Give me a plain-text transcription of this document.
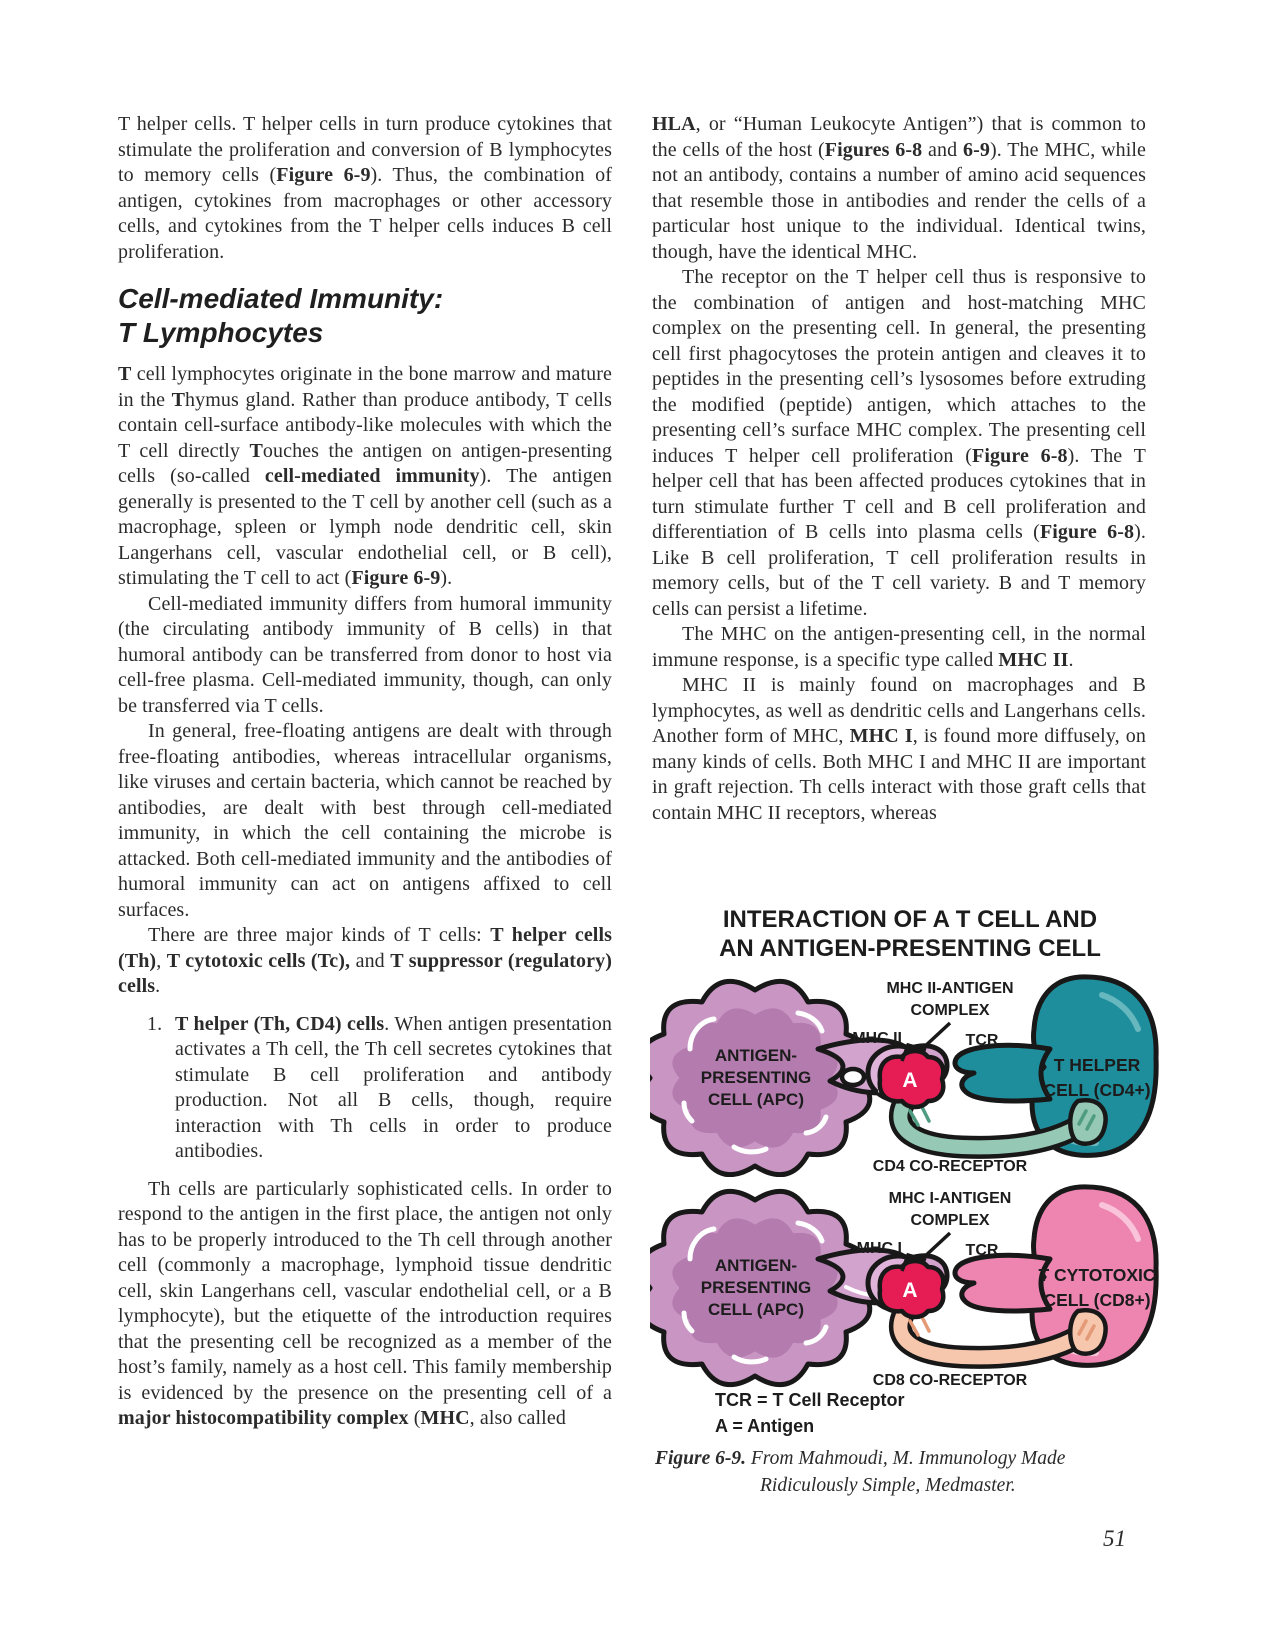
T helper cells. T helper cells in turn produce cytokines that stimulate the proliferation and conversion of B lymphocytes to memory cells (Figure 6-9). Thus, the combination of antigen, cytokines from macrophages or other accessory cells, and cytokines from the T helper cells induces B cell proliferation.

Cell-mediated Immunity:
T Lymphocytes

T cell lymphocytes originate in the bone marrow and mature in the Thymus gland. Rather than produce antibody, T cells contain cell-surface antibody-like molecules with which the T cell directly Touches the antigen on antigen-presenting cells (so-called cell-mediated immunity). The antigen generally is presented to the T cell by another cell (such as a macrophage, spleen or lymph node dendritic cell, skin Langerhans cell, vascular endothelial cell, or B cell), stimulating the T cell to act (Figure 6-9).

Cell-mediated immunity differs from humoral immunity (the circulating antibody immunity of B cells) in that humoral antibody can be transferred from donor to host via cell-free plasma. Cell-mediated immunity, though, can only be transferred via T cells.

In general, free-floating antigens are dealt with through free-floating antibodies, whereas intracellular organisms, like viruses and certain bacteria, which cannot be reached by antibodies, are dealt with best through cell-mediated immunity, in which the cell containing the microbe is attacked. Both cell-mediated immunity and the antibodies of humoral immunity can act on antigens affixed to cell surfaces.

There are three major kinds of T cells: T helper cells (Th), T cytotoxic cells (Tc), and T suppressor (regulatory) cells.

1. T helper (Th, CD4) cells. When antigen presentation activates a Th cell, the Th cell secretes cytokines that stimulate B cell proliferation and antibody production. Not all B cells, though, require interaction with Th cells in order to produce antibodies.

Th cells are particularly sophisticated cells. In order to respond to the antigen in the first place, the antigen not only has to be properly introduced to the Th cell through another cell (commonly a macrophage, lymphoid tissue dendritic cell, skin Langerhans cell, vascular endothelial cell, or a B lymphocyte), but the etiquette of the introduction requires that the presenting cell be recognized as a member of the host’s family, namely as a host cell. This family membership is evidenced by the presence on the presenting cell of a major histocompatibility complex (MHC, also called

HLA, or “Human Leukocyte Antigen”) that is common to the cells of the host (Figures 6-8 and 6-9). The MHC, while not an antibody, contains a number of amino acid sequences that resemble those in antibodies and render the cells of a particular host unique to the individual. Identical twins, though, have the identical MHC.

The receptor on the T helper cell thus is responsive to the combination of antigen and host-matching MHC complex on the presenting cell. In general, the presenting cell first phagocytoses the protein antigen and cleaves it to peptides in the presenting cell’s lysosomes before extruding the modified (peptide) antigen, which attaches to the presenting cell’s surface MHC complex. The presenting cell induces T helper cell proliferation (Figure 6-8). The T helper cell that has been affected produces cytokines that in turn stimulate further T cell and B cell proliferation and differentiation of B cells into plasma cells (Figure 6-8). Like B cell proliferation, T cell proliferation results in memory cells, but of the T cell variety. B and T memory cells can persist a lifetime.

The MHC on the antigen-presenting cell, in the normal immune response, is a specific type called MHC II.

MHC II is mainly found on macrophages and B lymphocytes, as well as dendritic cells and Langerhans cells. Another form of MHC, MHC I, is found more diffusely, on many kinds of cells. Both MHC I and MHC II are important in graft rejection. Th cells interact with those graft cells that contain MHC II receptors, whereas

INTERACTION OF A T CELL AND
AN ANTIGEN-PRESENTING CELL
A
MHC II-ANTIGEN
COMPLEX
MHC II	TCR
ANTIGEN-
PRESENTING
CELL (APC)
T HELPER
CELL (CD4+)
CD4 CO-RECEPTOR
A
MHC I-ANTIGEN
COMPLEX
MHC I	TCR
ANTIGEN-
PRESENTING
CELL (APC)
T CYTOTOXIC
CELL (CD8+)
CD8 CO-RECEPTOR
TCR = T Cell Receptor
A = Antigen
Figure 6-9. From Mahmoudi, M. Immunology Made
Ridiculously Simple, Medmaster.
51
